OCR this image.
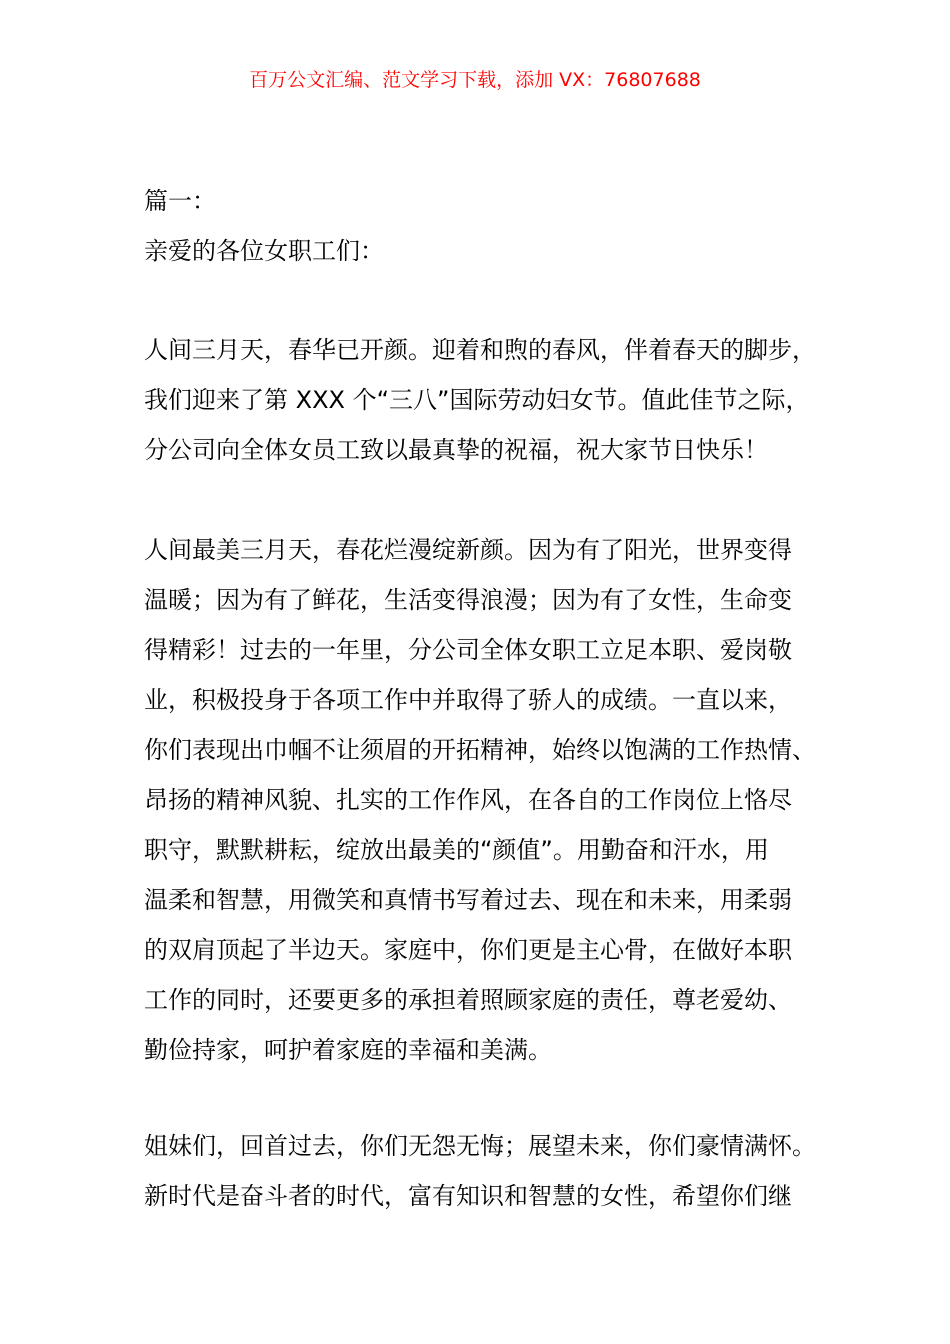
百万公文汇编、范文学习下载，添加 VX：76807688
篇一：
亲爱的各位女职工们：
人间三月天，春华已开颜。迎着和煦的春风，伴着春天的脚步，
我们迎来了第 XXX 个“三八”国际劳动妇女节。值此佳节之际，
分公司向全体女员工致以最真挚的祝福，祝大家节日快乐！
人间最美三月天，春花烂漫绽新颜。因为有了阳光，世界变得
温暖；因为有了鲜花，生活变得浪漫；因为有了女性，生命变
得精彩！过去的一年里，分公司全体女职工立足本职、爱岗敬
业，积极投身于各项工作中并取得了骄人的成绩。一直以来，
你们表现出巾帼不让须眉的开拓精神，始终以饱满的工作热情、
昂扬的精神风貌、扎实的工作作风，在各自的工作岗位上恪尽
职守，默默耕耘，绽放出最美的“颜值”。用勤奋和汗水，用
温柔和智慧，用微笑和真情书写着过去、现在和未来，用柔弱
的双肩顶起了半边天。家庭中，你们更是主心骨，在做好本职
工作的同时，还要更多的承担着照顾家庭的责任，尊老爱幼、
勤俭持家，呵护着家庭的幸福和美满。
姐妹们，回首过去，你们无怨无悔；展望未来，你们豪情满怀。
新时代是奋斗者的时代，富有知识和智慧的女性，希望你们继
